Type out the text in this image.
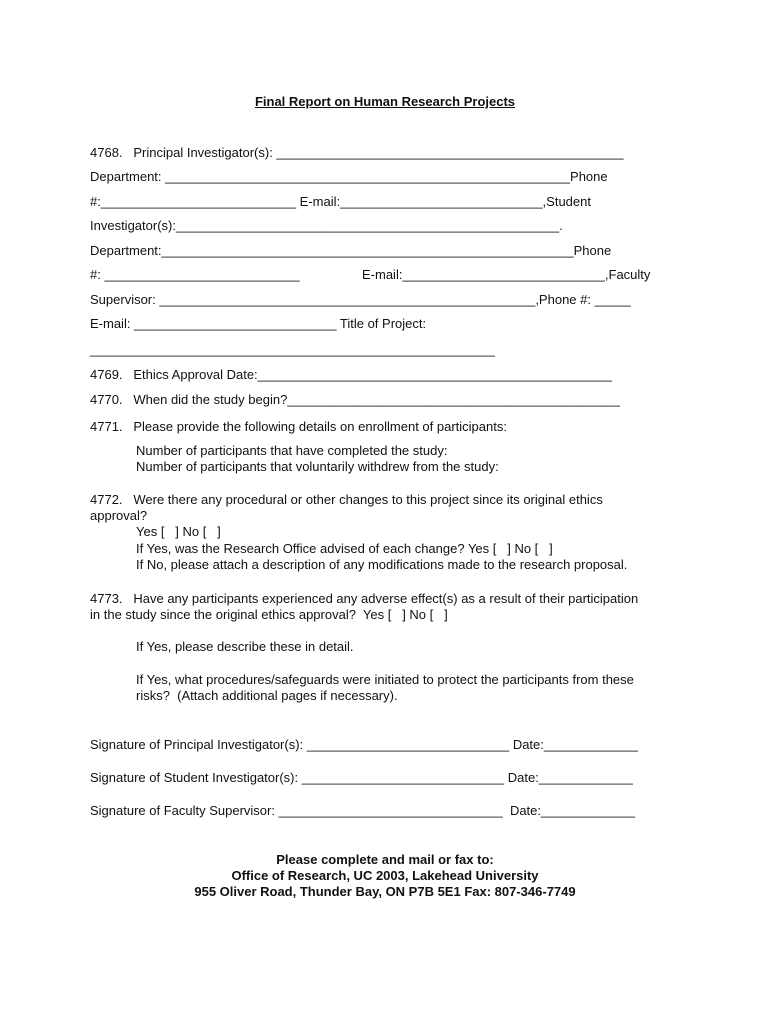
Final Report on Human Research Projects
4768.   Principal Investigator(s): ________________________________________________
Department: ________________________________________________________Phone
#:___________________________ E-mail:____________________________,Student
Investigator(s):_____________________________________________________.
Department:_________________________________________________________Phone
#: ___________________________	E-mail:____________________________,Faculty
Supervisor: ____________________________________________________,Phone #: _____
E-mail: ____________________________ Title of Project:
________________________________________________________
4769.   Ethics Approval Date:_________________________________________________
4770.   When did the study begin?______________________________________________
4771.   Please provide the following details on enrollment of participants:
Number of participants that have completed the study:
Number of participants that voluntarily withdrew from the study:
4772.   Were there any procedural or other changes to this project since its original ethics
approval?
Yes [   ] No [   ]
If Yes, was the Research Office advised of each change? Yes [   ] No [   ]
If No, please attach a description of any modifications made to the research proposal.
4773.   Have any participants experienced any adverse effect(s) as a result of their participation
in the study since the original ethics approval?  Yes [   ] No [   ]
If Yes, please describe these in detail.
If Yes, what procedures/safeguards were initiated to protect the participants from these
risks?  (Attach additional pages if necessary).
Signature of Principal Investigator(s): ____________________________ Date:_____________
Signature of Student Investigator(s): ____________________________ Date:_____________
Signature of Faculty Supervisor: _______________________________  Date:_____________
Please complete and mail or fax to:
Office of Research, UC 2003, Lakehead University
955 Oliver Road, Thunder Bay, ON P7B 5E1 Fax: 807-346-7749
